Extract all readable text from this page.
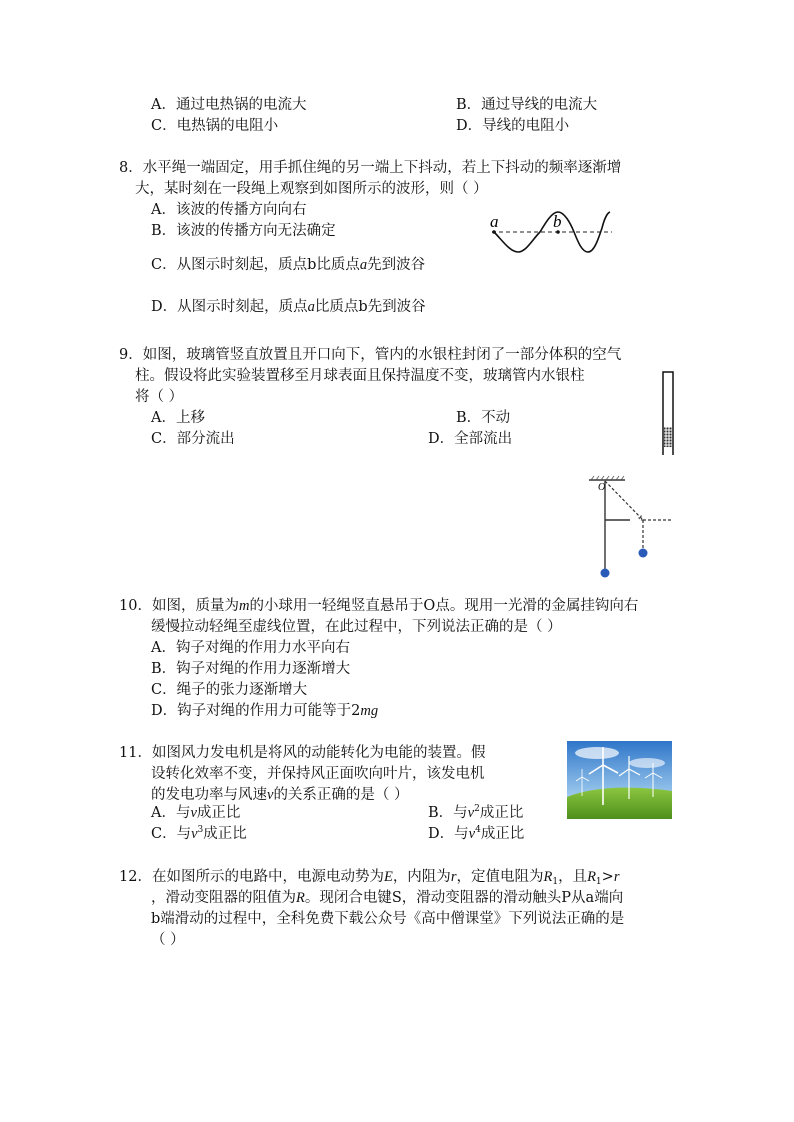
A．通过电热锅的电流大	B．通过导线的电流大
C．电热锅的电阻小	D．导线的电阻小
8．水平绳一端固定，用手抓住绳的另一端上下抖动，若上下抖动的频率逐渐增
大，某时刻在一段绳上观察到如图所示的波形，则（ ）
A．该波的传播方向向右
B．该波的传播方向无法确定
C．从图示时刻起，质点b比质点a先到波谷
D．从图示时刻起，质点a比质点b先到波谷
a	b
9．如图，玻璃管竖直放置且开口向下，管内的水银柱封闭了一部分体积的空气
柱。假设将此实验装置移至月球表面且保持温度不变，玻璃管内水银柱
将（ ）
A．上移	B．不动
C．部分流出	D．全部流出
O
10．如图，质量为m的小球用一轻绳竖直悬吊于O点。现用一光滑的金属挂钩向右
缓慢拉动轻绳至虚线位置，在此过程中，下列说法正确的是（ ）
A．钩子对绳的作用力水平向右
B．钩子对绳的作用力逐渐增大
C．绳子的张力逐渐增大
D．钩子对绳的作用力可能等于2mg
11．如图风力发电机是将风的动能转化为电能的装置。假
设转化效率不变，并保持风正面吹向叶片，该发电机
的发电功率与风速v的关系正确的是（ ）
A．与v成正比	B．与$v^2$成正比
C．与$v^3$成正比	D．与$v^4$成正比
12．在如图所示的电路中，电源电动势为E，内阻为r，定值电阻为$R_1$，且$R_1>r$
，滑动变阻器的阻值为R。现闭合电键S，滑动变阻器的滑动触头P从a端向
b端滑动的过程中，全科免费下载公众号《高中僧课堂》下列说法正确的是
（ ）
